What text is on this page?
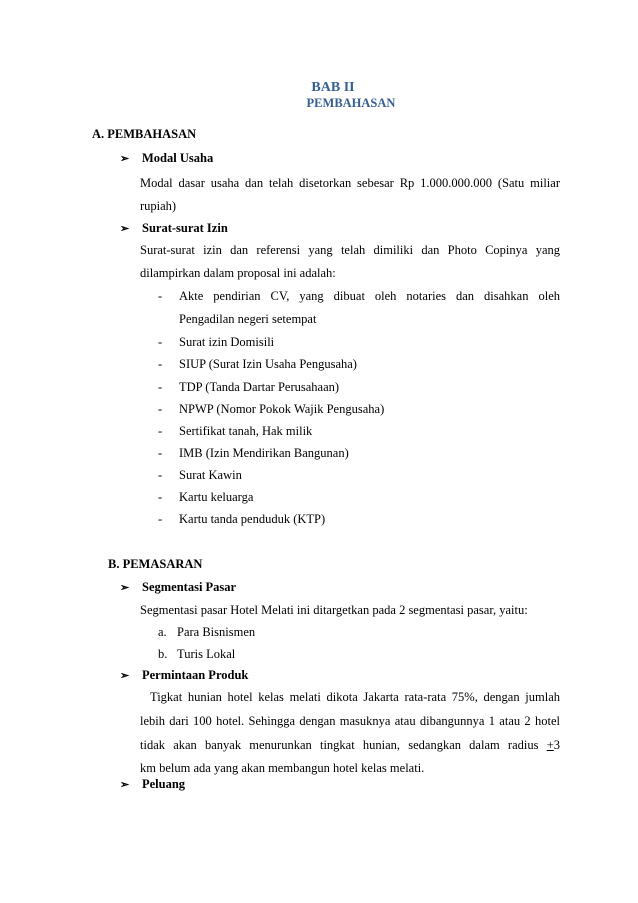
BAB II
PEMBAHASAN
A. PEMBAHASAN
➢ Modal Usaha
Modal dasar usaha dan telah disetorkan sebesar Rp 1.000.000.000 (Satu miliar
rupiah)
➢ Surat-surat Izin
Surat-surat izin dan referensi yang telah dimiliki dan Photo Copinya yang
dilampirkan dalam proposal ini adalah:
- Akte pendirian CV, yang dibuat oleh notaries dan disahkan oleh
Pengadilan negeri setempat
- Surat izin Domisili
- SIUP (Surat Izin Usaha Pengusaha)
- TDP (Tanda Dartar Perusahaan)
- NPWP (Nomor Pokok Wajik Pengusaha)
- Sertifikat tanah, Hak milik
- IMB (Izin Mendirikan Bangunan)
- Surat Kawin
- Kartu keluarga
- Kartu tanda penduduk (KTP)
B. PEMASARAN
➢ Segmentasi Pasar
Segmentasi pasar Hotel Melati ini ditargetkan pada 2 segmentasi pasar, yaitu:
a. Para Bisnismen
b. Turis Lokal
➢ Permintaan Produk
Tigkat hunian hotel kelas melati dikota Jakarta rata-rata 75%, dengan jumlah
lebih dari 100 hotel. Sehingga dengan masuknya atau dibangunnya 1 atau 2 hotel
tidak akan banyak menurunkan tingkat hunian, sedangkan dalam radius +3
km belum ada yang akan membangun hotel kelas melati.
➢ Peluang
